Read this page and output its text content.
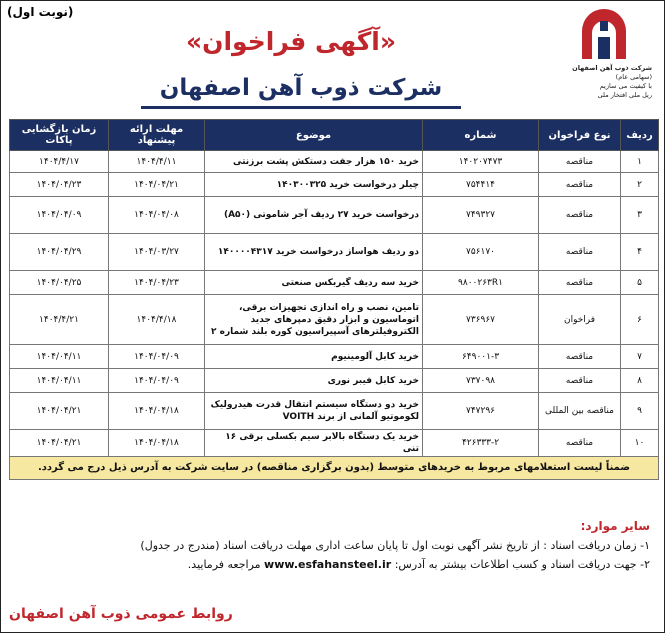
(نوبت اول)
شرکت ذوب آهن اصفهان
(سهامی عام)
با کیفیت می سازیم
ریل ملی افتخار ملی
«آگهی فراخوان»
شرکت ذوب آهن اصفهان
ردیف	نوع فراخوان	شماره	موضوع	مهلت ارائه پیشنهاد	زمان بازگشایی پاکات
۱	مناقصه	۱۴۰۲۰۷۴۷۳	خرید ۱۵۰ هزار جفت دستکش پشت برزنتی	۱۴۰۴/۴/۱۱	۱۴۰۴/۴/۱۷
۲	مناقصه	۷۵۴۴۱۴	چیلر درخواست خرید ۱۴۰۳۰۰۳۲۵	۱۴۰۴/۰۴/۲۱	۱۴۰۴/۰۴/۲۳
۳	مناقصه	۷۴۹۳۲۷	درخواست خرید ۲۷ ردیف آجر شاموتی (A۵۰)	۱۴۰۴/۰۴/۰۸	۱۴۰۴/۰۴/۰۹
۴	مناقصه	۷۵۶۱۷۰	دو ردیف هواساز درخواست خرید ۱۴۰۰۰۰۴۳۱۷	۱۴۰۴/۰۳/۲۷	۱۴۰۴/۰۴/۲۹
۵	مناقصه	۹۸۰۰۲۶۳R۱	خرید سه ردیف گیربکس صنعتی	۱۴۰۴/۰۴/۲۳	۱۴۰۴/۰۴/۲۵
۶	فراخوان	۷۳۶۹۶۷	تامین، نصب و راه اندازی تجهیزات برقی، اتوماسیون و ابزار دقیق دمپرهای جدید الکتروفیلترهای آسپیراسیون کوره بلند شماره ۲	۱۴۰۴/۴/۱۸	۱۴۰۴/۴/۲۱
۷	مناقصه	۶۴۹۰۰۱-۳	خرید کابل آلومینیوم	۱۴۰۴/۰۴/۰۹	۱۴۰۴/۰۴/۱۱
۸	مناقصه	۷۳۷۰۹۸	خرید کابل فیبر نوری	۱۴۰۴/۰۴/۰۹	۱۴۰۴/۰۴/۱۱
۹	مناقصه بین المللی	۷۴۷۲۹۶	خرید دو دستگاه سیستم انتقال قدرت هیدرولیک لکوموتیو آلمانی از برند VOITH	۱۴۰۴/۰۴/۱۸	۱۴۰۴/۰۴/۲۱
۱۰	مناقصه	۴۲۶۳۳۳-۲	خرید یک دستگاه بالابر سیم بکسلی برقی ۱۶ تنی	۱۴۰۴/۰۴/۱۸	۱۴۰۴/۰۴/۲۱
ضمناً لیست استعلامهای مربوط به خریدهای متوسط (بدون برگزاری مناقصه) در سایت شرکت به آدرس ذیل درج می گردد.					
سایر موارد:
۱- زمان دریافت اسناد : از تاریخ نشر آگهی نوبت اول تا پایان ساعت اداری مهلت دریافت اسناد (مندرج در جدول)
۲- جهت دریافت اسناد و کسب اطلاعات بیشتر به آدرس: www.esfahansteel.ir مراجعه فرمایید.
روابط عمومی ذوب آهن اصفهان
